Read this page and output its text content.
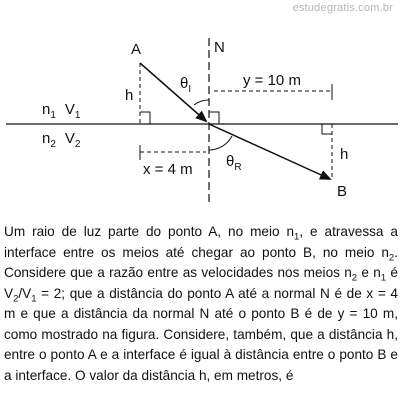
estudegratis.com.br
A
B
N
h
h
$n_1$ $V_1$
$n_2$ $V_2$
$\theta_I$
$\theta_R$
y = 10 m
x = 4 m

Um raio de luz parte do ponto A, no meio $n_1$, e atravessa a interface entre os meios até chegar ao ponto B, no meio $n_2$. Considere que a razão entre as velocidades nos meios $n_2$ e $n_1$ é $V_2/V_1 = 2$; que a distância do ponto A até a normal N é de x = 4 m e que a distância da normal N até o ponto B é de y = 10 m, como mostrado na figura. Considere, também, que a distância h, entre o ponto A e a interface é igual à distância entre o ponto B e a interface. O valor da distância h, em metros, é
